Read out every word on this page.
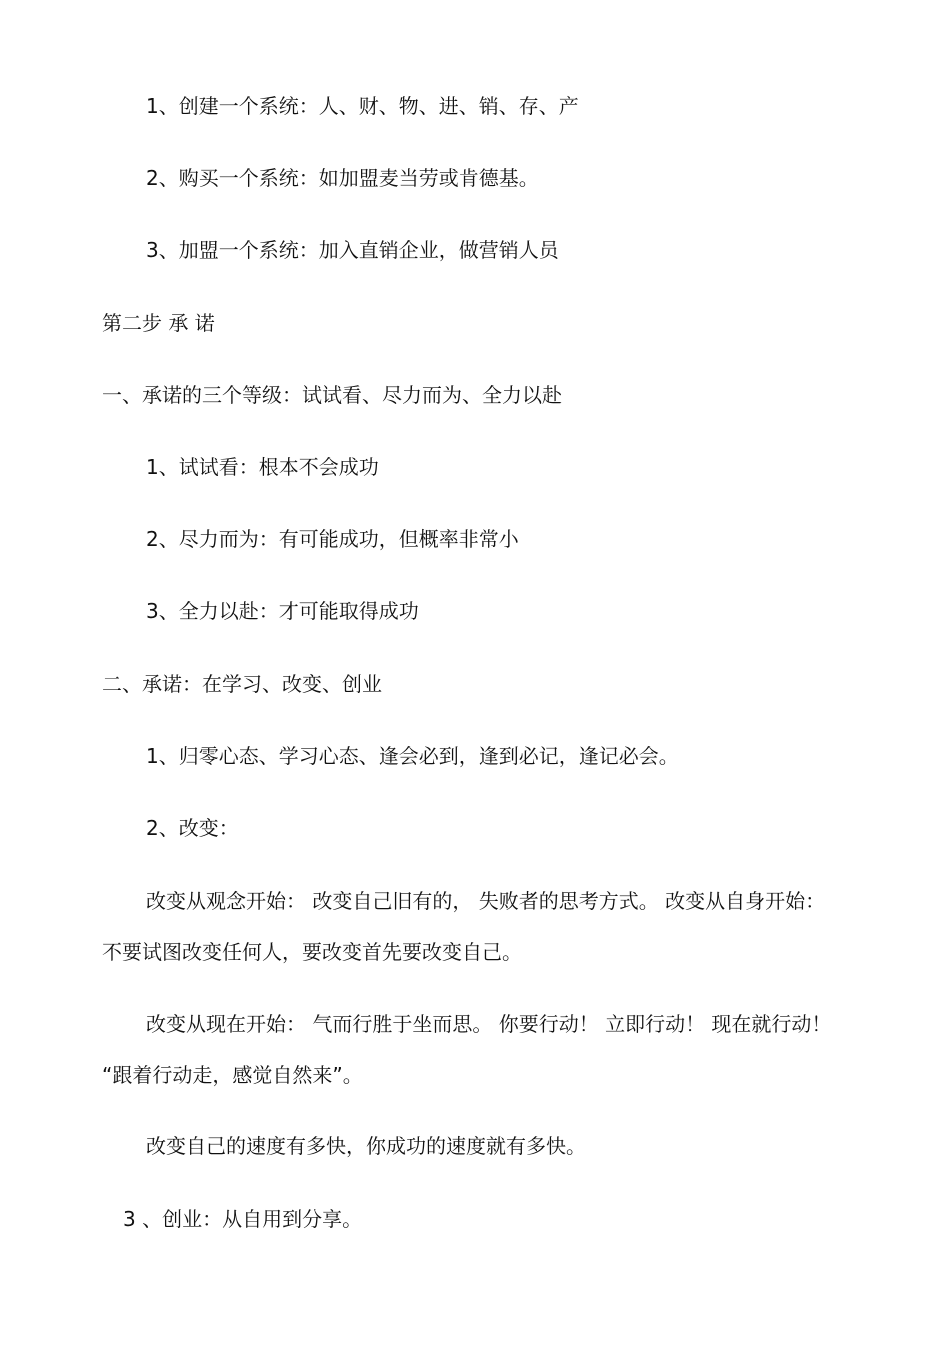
1、创建一个系统：人、财、物、进、销、存、产
2、购买一个系统：如加盟麦当劳或肯德基。
3、加盟一个系统：加入直销企业，做营销人员
第二步 承 诺
一、承诺的三个等级：试试看、尽力而为、全力以赴
1、试试看：根本不会成功
2、尽力而为：有可能成功，但概率非常小
3、全力以赴：才可能取得成功
二、承诺：在学习、改变、创业
1、归零心态、学习心态、逢会必到，逢到必记，逢记必会。
2、改变：
改变从观念开始： 改变自己旧有的， 失败者的思考方式。 改变从自身开始：
不要试图改变任何人，要改变首先要改变自己。
改变从现在开始： 气而行胜于坐而思。 你要行动！ 立即行动！ 现在就行动！
“跟着行动走，感觉自然来”。
改变自己的速度有多快，你成功的速度就有多快。
3 、创业：从自用到分享。
